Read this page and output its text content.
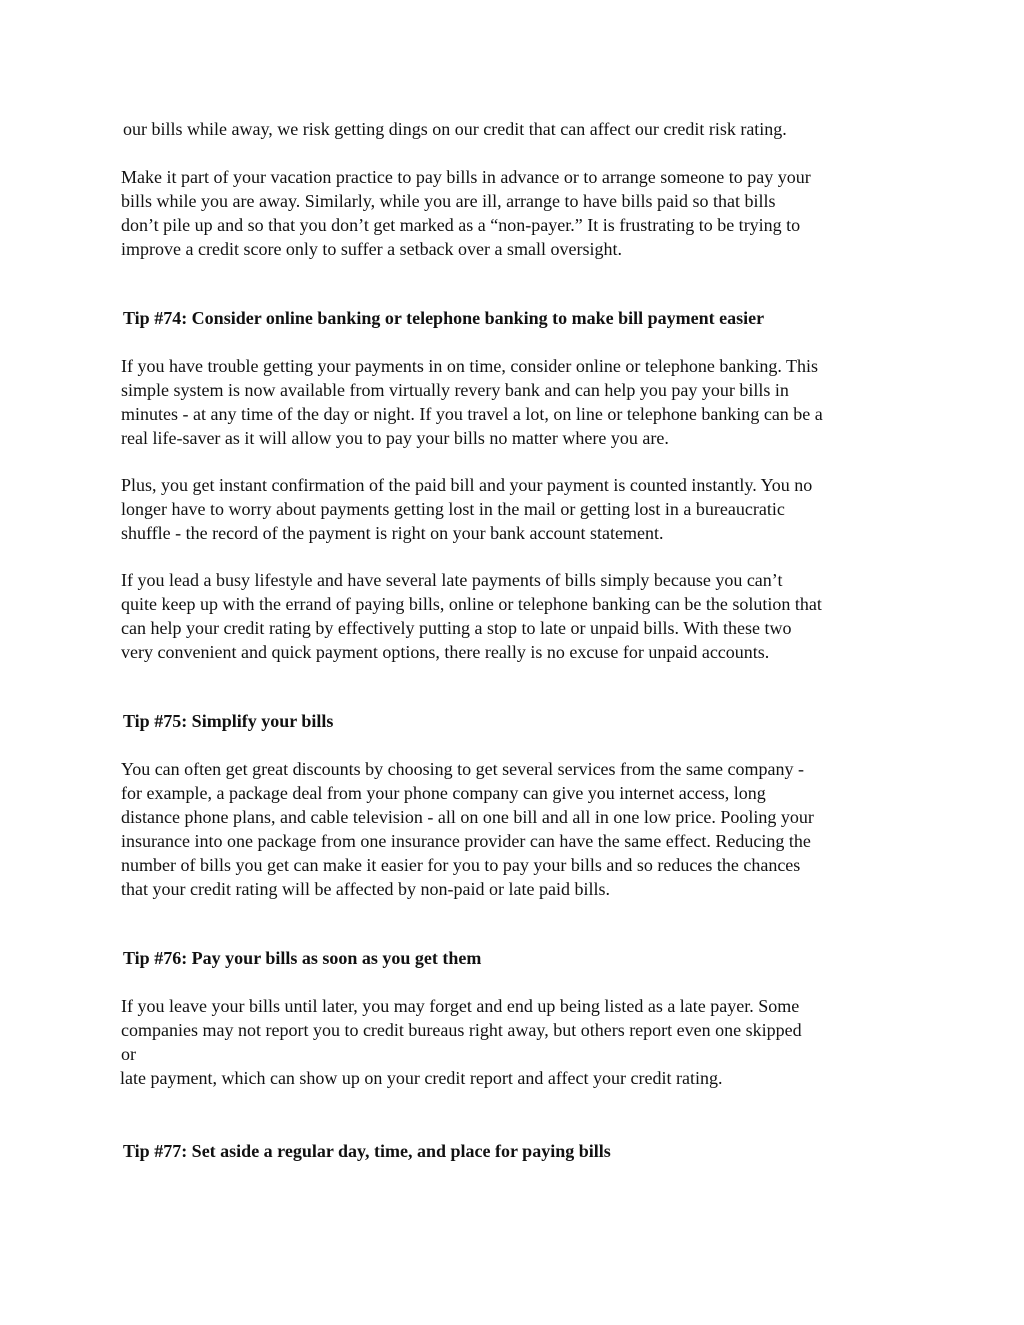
our bills while away, we risk getting dings on our credit that can affect our credit risk rating.

Make it part of your vacation practice to pay bills in advance or to arrange someone to pay your
bills while you are away. Similarly, while you are ill, arrange to have bills paid so that bills
don’t pile up and so that you don’t get marked as a “non-payer.” It is frustrating to be trying to
improve a credit score only to suffer a setback over a small oversight.

Tip #74: Consider online banking or telephone banking to make bill payment easier

If you have trouble getting your payments in on time, consider online or telephone banking. This
simple system is now available from virtually revery bank and can help you pay your bills in
minutes - at any time of the day or night. If you travel a lot, on line or telephone banking can be a
real life-saver as it will allow you to pay your bills no matter where you are.

Plus, you get instant confirmation of the paid bill and your payment is counted instantly. You no
longer have to worry about payments getting lost in the mail or getting lost in a bureaucratic
shuffle - the record of the payment is right on your bank account statement.

If you lead a busy lifestyle and have several late payments of bills simply because you can’t
quite keep up with the errand of paying bills, online or telephone banking can be the solution that
can help your credit rating by effectively putting a stop to late or unpaid bills. With these two
very convenient and quick payment options, there really is no excuse for unpaid accounts.

Tip #75: Simplify your bills

You can often get great discounts by choosing to get several services from the same company -
for example, a package deal from your phone company can give you internet access, long
distance phone plans, and cable television - all on one bill and all in one low price. Pooling your
insurance into one package from one insurance provider can have the same effect. Reducing the
number of bills you get can make it easier for you to pay your bills and so reduces the chances
that your credit rating will be affected by non-paid or late paid bills.

Tip #76: Pay your bills as soon as you get them

If you leave your bills until later, you may forget and end up being listed as a late payer. Some
companies may not report you to credit bureaus right away, but others report even one skipped
or
late payment, which can show up on your credit report and affect your credit rating.

Tip #77: Set aside a regular day, time, and place for paying bills
